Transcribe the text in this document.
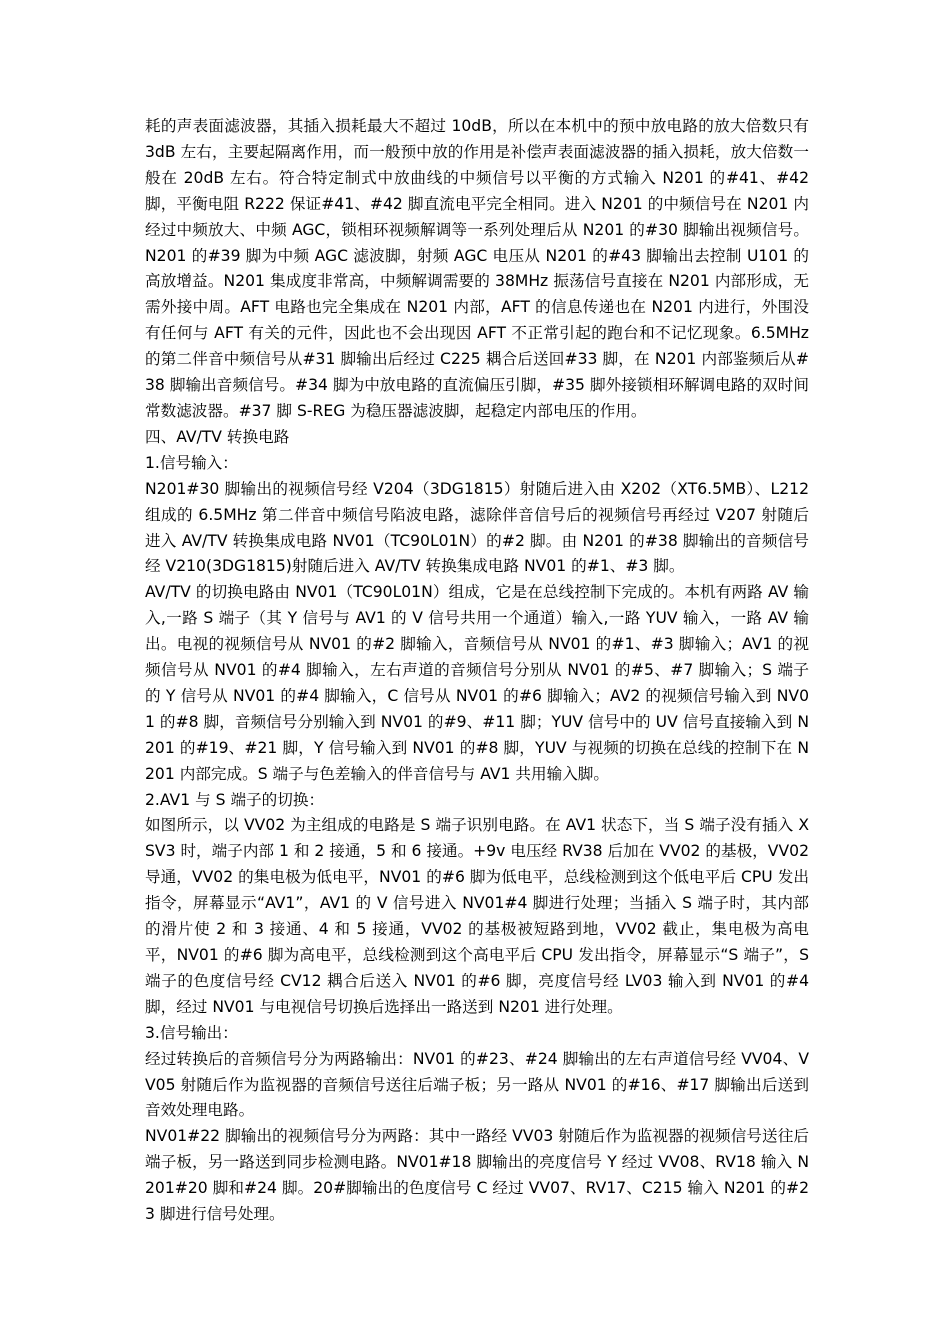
耗的声表面滤波器，其插入损耗最大不超过 10dB，所以在本机中的预中放电路的放大倍数只有 3dB 左右，主要起隔离作用，而一般预中放的作用是补偿声表面滤波器的插入损耗，放大倍数一般在 20dB 左右。符合特定制式中放曲线的中频信号以平衡的方式输入 N201 的#41、#42 脚，平衡电阻 R222 保证#41、#42 脚直流电平完全相同。进入 N201 的中频信号在 N201 内经过中频放大、中频 AGC，锁相环视频解调等一系列处理后从 N201 的#30 脚输出视频信号。N201 的#39 脚为中频 AGC 滤波脚，射频 AGC 电压从 N201 的#43 脚输出去控制 U101 的高放增益。N201 集成度非常高，中频解调需要的 38MHz 振荡信号直接在 N201 内部形成，无需外接中周。AFT 电路也完全集成在 N201 内部，AFT 的信息传递也在 N201 内进行，外围没有任何与 AFT 有关的元件，因此也不会出现因 AFT 不正常引起的跑台和不记忆现象。6.5MHz 的第二伴音中频信号从#31 脚输出后经过 C225 耦合后送回#33 脚，在 N201 内部鉴频后从#38 脚输出音频信号。#34 脚为中放电路的直流偏压引脚，#35 脚外接锁相环解调电路的双时间常数滤波器。#37 脚 S-REG 为稳压器滤波脚，起稳定内部电压的作用。

四、AV/TV 转换电路

1.信号输入：

N201#30 脚输出的视频信号经 V204（3DG1815）射随后进入由 X202（XT6.5MB）、L212 组成的 6.5MHz 第二伴音中频信号陷波电路，滤除伴音信号后的视频信号再经过 V207 射随后进入 AV/TV 转换集成电路 NV01（TC90L01N）的#2 脚。由 N201 的#38 脚输出的音频信号经 V210(3DG1815)射随后进入 AV/TV 转换集成电路 NV01 的#1、#3 脚。

AV/TV 的切换电路由 NV01（TC90L01N）组成，它是在总线控制下完成的。本机有两路 AV 输入,一路 S 端子（其 Y 信号与 AV1 的 V 信号共用一个通道）输入,一路 YUV 输入，一路 AV 输出。电视的视频信号从 NV01 的#2 脚输入，音频信号从 NV01 的#1、#3 脚输入；AV1 的视频信号从 NV01 的#4 脚输入，左右声道的音频信号分别从 NV01 的#5、#7 脚输入；S 端子的 Y 信号从 NV01 的#4 脚输入，C 信号从 NV01 的#6 脚输入；AV2 的视频信号输入到 NV01 的#8 脚，音频信号分别输入到 NV01 的#9、#11 脚；YUV 信号中的 UV 信号直接输入到 N201 的#19、#21 脚，Y 信号输入到 NV01 的#8 脚，YUV 与视频的切换在总线的控制下在 N201 内部完成。S 端子与色差输入的伴音信号与 AV1 共用输入脚。

2.AV1 与 S 端子的切换：

如图所示，以 VV02 为主组成的电路是 S 端子识别电路。在 AV1 状态下，当 S 端子没有插入 XSV3 时，端子内部 1 和 2 接通，5 和 6 接通。+9v 电压经 RV38 后加在 VV02 的基极，VV02 导通，VV02 的集电极为低电平，NV01 的#6 脚为低电平，总线检测到这个低电平后 CPU 发出指令，屏幕显示“AV1”，AV1 的 V 信号进入 NV01#4 脚进行处理；当插入 S 端子时，其内部的滑片使 2 和 3 接通、4 和 5 接通，VV02 的基极被短路到地，VV02 截止，集电极为高电平，NV01 的#6 脚为高电平，总线检测到这个高电平后 CPU 发出指令，屏幕显示“S 端子”，S 端子的色度信号经 CV12 耦合后送入 NV01 的#6 脚，亮度信号经 LV03 输入到 NV01 的#4 脚，经过 NV01 与电视信号切换后选择出一路送到 N201 进行处理。

3.信号输出：

经过转换后的音频信号分为两路输出：NV01 的#23、#24 脚输出的左右声道信号经 VV04、VV05 射随后作为监视器的音频信号送往后端子板；另一路从 NV01 的#16、#17 脚输出后送到音效处理电路。

NV01#22 脚输出的视频信号分为两路：其中一路经 VV03 射随后作为监视器的视频信号送往后端子板，另一路送到同步检测电路。NV01#18 脚输出的亮度信号 Y 经过 VV08、RV18 输入 N201#20 脚和#24 脚。20#脚输出的色度信号 C 经过 VV07、RV17、C215 输入 N201 的#23 脚进行信号处理。
